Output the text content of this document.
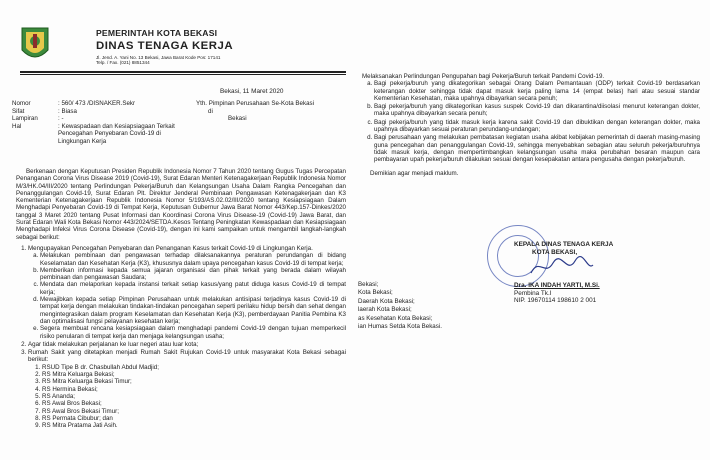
PEMERINTAH KOTA BEKASI
DINAS TENAGA KERJA
Jl. Jend. A. Yani No. 13 Bekasi, Jawa Barat Kode Pos: 17141
Telp. / Fax. (021) 8851344
Bekasi, 11 Maret 2020
Nomor	: 560/ 473 /DISNAKER.Sekr
Sifat	: Biasa
Lampiran	: -
Hal	: Kewaspadaan dan Kesiapsiagaan Terkait Pencegahan Penyebaran Covid-19 di Lingkungan Kerja
Yth. Pimpinan Perusahaan Se-Kota Bekasi
di
Bekasi

Berkenaan dengan Keputusan Presiden Republik Indonesia Nomor 7 Tahun 2020 tentang Gugus Tugas Percepatan Penanganan Corona Virus Disease 2019 (Covid-19), Surat Edaran Menteri Ketenagakerjaan Republik Indonesia Nomor M/3/HK.04/III/2020 tentang Perlindungan Pekerja/Buruh dan Kelangsungan Usaha Dalam Rangka Pencegahan dan Penanggulangan Covid-19, Surat Edaran Plt. Direktur Jenderal Pembinaan Pengawasan Ketenagakerjaan dan K3 Kementerian Ketenagakerjaan Republik Indonesia Nomor 5/193/AS.02.02/III/2020 tentang Kesiapsiagaan Dalam Menghadapi Penyebaran Covid-19 di Tempat Kerja, Keputusan Gubernur Jawa Barat Nomor 443/Kep.157-Dinkes/2020 tanggal 3 Maret 2020 tentang Pusat Informasi dan Koordinasi Corona Virus Disease-19 (Covid-19) Jawa Barat, dan Surat Edaran Wali Kota Bekasi Nomor 443/2024/SETDA.Kesos Tentang Peningkatan Kewaspadaan dan Kesiapsiagaan Menghadapi Infeksi Virus Corona Disease (Covid-19), dengan ini kami sampaikan untuk mengambil langkah-langkah sebagai berikut:

1. Mengupayakan Pencegahan Penyebaran dan Penanganan Kasus terkait Covid-19 di Lingkungan Kerja.
a. Melakukan pembinaan dan pengawasan terhadap dilaksanakannya peraturan perundangan di bidang Keselamatan dan Kesehatan Kerja (K3), khususnya dalam upaya pencegahan kasus Covid-19 di tempat kerja;
b. Memberikan informasi kepada semua jajaran organisasi dan pihak terkait yang berada dalam wilayah pembinaan dan pengawasan Saudara;
c. Mendata dan melaporkan kepada instansi terkait setiap kasus/yang patut diduga kasus Covid-19 di tempat kerja;
d. Mewajibkan kepada setiap Pimpinan Perusahaan untuk melakukan antisipasi terjadinya kasus Covid-19 di tempat kerja dengan melakukan tindakan-tindakan pencegahan seperti perilaku hidup bersih dan sehat dengan mengintegrasikan dalam program Keselamatan dan Kesehatan Kerja (K3), pemberdayaan Panitia Pembina K3 dan optimalisasi fungsi pelayanan kesehatan kerja;
e. Segera membuat rencana kesiapsiagaan dalam menghadapi pandemi Covid-19 dengan tujuan memperkecil risiko penularan di tempat kerja dan menjaga kelangsungan usaha;
2. Agar tidak melakukan perjalanan ke luar negeri atau luar kota;
3. Rumah Sakit yang ditetapkan menjadi Rumah Sakit Rujukan Covid-19 untuk masyarakat Kota Bekasi sebagai berikut:
1. RSUD Tipe B dr. Chasbullah Abdul Madjid;
2. RS Mitra Keluarga Bekasi;
3. RS Mitra Keluarga Bekasi Timur;
4. RS Hermina Bekasi;
5. RS Ananda;
6. RS Awal Bros Bekasi;
7. RS Awal Bros Bekasi Timur;
8. RS Permata Cibubur; dan
9. RS Mitra Pratama Jati Asih.
Melaksanakan Perlindungan Pengupahan bagi Pekerja/Buruh terkait Pandemi Covid-19.
a. Bagi pekerja/buruh yang dikategorikan sebagai Orang Dalam Pemantauan (ODP) terkait Covid-19 berdasarkan keterangan dokter sehingga tidak dapat masuk kerja paling lama 14 (empat belas) hari atau sesuai standar Kementerian Kesehatan, maka upahnya dibayarkan secara penuh;
b. Bagi pekerja/buruh yang dikategorikan kasus suspek Covid-19 dan dikarantina/diisolasi menurut keterangan dokter, maka upahnya dibayarkan secara penuh;
c. Bagi pekerja/buruh yang tidak masuk kerja karena sakit Covid-19 dan dibuktikan dengan keterangan dokter, maka upahnya dibayarkan sesuai peraturan perundang-undangan;
d. Bagi perusahaan yang melakukan pembatasan kegiatan usaha akibat kebijakan pemerintah di daerah masing-masing guna pencegahan dan penanggulangan Covid-19, sehingga menyebabkan sebagian atau seluruh pekerja/buruhnya tidak masuk kerja, dengan mempertimbangkan kelangsungan usaha maka perubahan besaran maupun cara pembayaran upah pekerja/buruh dilakukan sesuai dengan kesepakatan antara pengusaha dengan pekerja/buruh.
Demikian agar menjadi maklum.
KEPALA DINAS TENAGA KERJA
KOTA BEKASI,
Dra. IKA INDAH YARTI, M.Si.
Pembina Tk.I
NIP. 19670114 198610 2 001
Bekasi;
Kota Bekasi;
Daerah Kota Bekasi;
laerah Kota Bekasi;
as Kesehatan Kota Bekasi;
ian Humas Setda Kota Bekasi.
